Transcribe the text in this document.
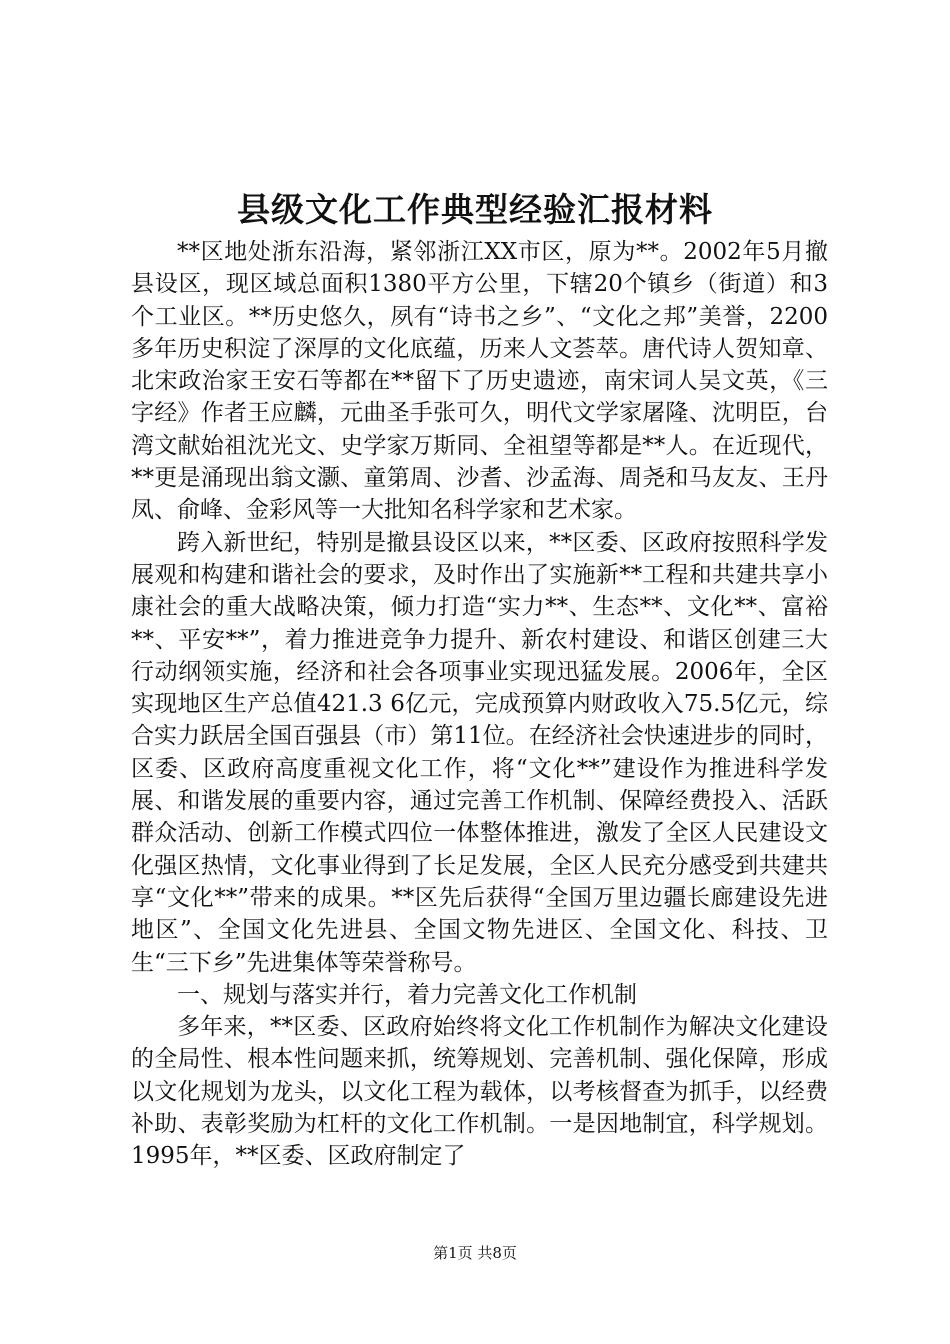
县级文化工作典型经验汇报材料

**区地处浙东沿海，紧邻浙江XX市区，原为**。2002年5月撤县设区，现区域总面积1380平方公里，下辖20个镇乡（街道）和3个工业区。**历史悠久，夙有“诗书之乡”、“文化之邦”美誉，2200多年历史积淀了深厚的文化底蕴，历来人文荟萃。唐代诗人贺知章、北宋政治家王安石等都在**留下了历史遗迹，南宋词人吴文英，《三字经》作者王应麟，元曲圣手张可久，明代文学家屠隆、沈明臣，台湾文献始祖沈光文、史学家万斯同、全祖望等都是**人。在近现代，**更是涌现出翁文灏、童第周、沙耆、沙孟海、周尧和马友友、王丹凤、俞峰、金彩风等一大批知名科学家和艺术家。

跨入新世纪，特别是撤县设区以来，**区委、区政府按照科学发展观和构建和谐社会的要求，及时作出了实施新**工程和共建共享小康社会的重大战略决策，倾力打造“实力**、生态**、文化**、富裕**、平安**”，着力推进竞争力提升、新农村建设、和谐区创建三大行动纲领实施，经济和社会各项事业实现迅猛发展。2006年，全区实现地区生产总值421.3 6亿元，完成预算内财政收入75.5亿元，综合实力跃居全国百强县（市）第11位。在经济社会快速进步的同时，区委、区政府高度重视文化工作，将“文化**”建设作为推进科学发展、和谐发展的重要内容，通过完善工作机制、保障经费投入、活跃群众活动、创新工作模式四位一体整体推进，激发了全区人民建设文化强区热情，文化事业得到了长足发展，全区人民充分感受到共建共享“文化**”带来的成果。**区先后获得“全国万里边疆长廊建设先进地区”、全国文化先进县、全国文物先进区、全国文化、科技、卫生“三下乡”先进集体等荣誉称号。

一、规划与落实并行，着力完善文化工作机制

多年来，**区委、区政府始终将文化工作机制作为解决文化建设的全局性、根本性问题来抓，统筹规划、完善机制、强化保障，形成以文化规划为龙头，以文化工程为载体，以考核督查为抓手，以经费补助、表彰奖励为杠杆的文化工作机制。一是因地制宜，科学规划。1995年，**区委、区政府制定了

第1页 共8页
